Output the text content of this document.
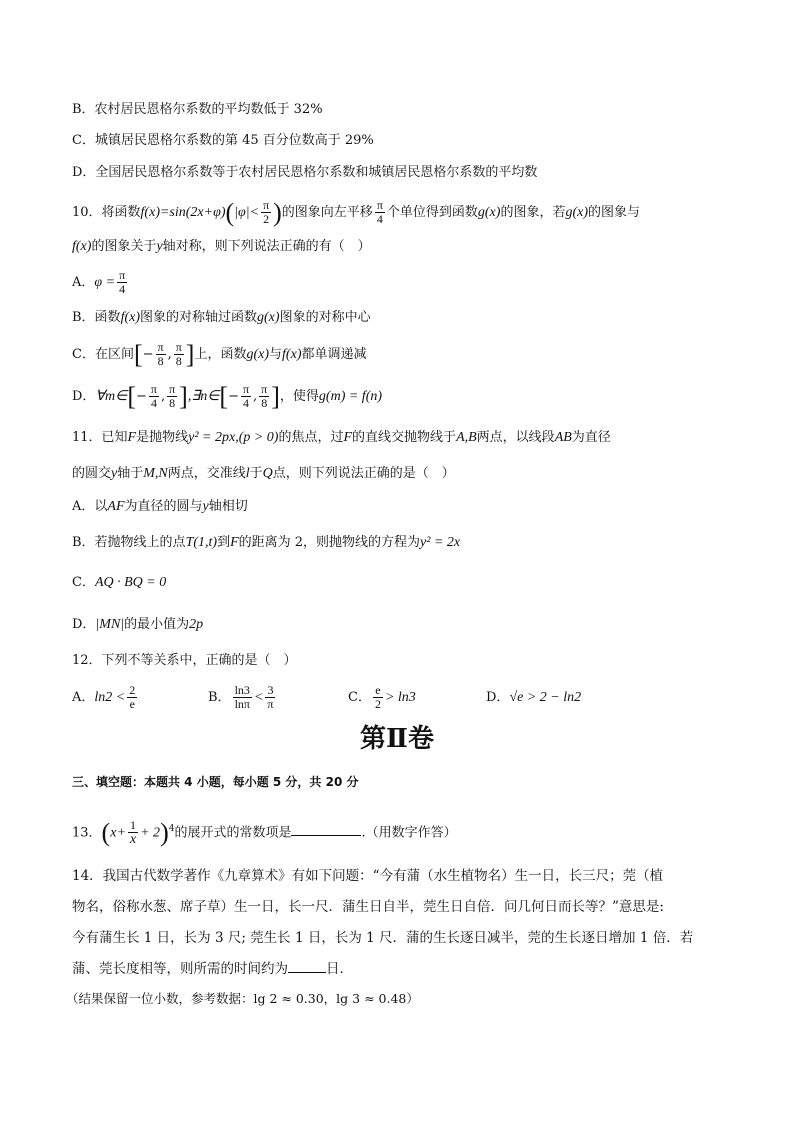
B．农村居民恩格尔系数的平均数低于 32%
C．城镇居民恩格尔系数的第 45 百分位数高于 29%
D．全国居民恩格尔系数等于农村居民恩格尔系数和城镇居民恩格尔系数的平均数
10．将函数$f(x)=\sin(2x+\varphi)(|\varphi|< \frac{\pi}{2}$ )的图象向左平移 $\frac{\pi}{4}$ 个单位得到函数g(x)的图象，若g(x)的图象与
f(x)的图象关于y轴对称，则下列说法正确的有（　）
A．$\varphi = \frac{\pi}{4}$
B．函数f(x)图象的对称轴过函数g(x)图象的对称中心
C．在区间[− $\frac{\pi}{8}$ , $\frac{\pi}{8}$ ]上，函数g(x)与f(x)都单调递减
D．∀m∈[− $\frac{\pi}{4}$ , $\frac{\pi}{8}$ ],∃n∈[− $\frac{\pi}{4}$ , $\frac{\pi}{8}$ ]，使得g(m) = f(n)
11．已知F是抛物线y² = 2px,(p > 0)的焦点，过F的直线交抛物线于A,B两点，以线段AB为直径
的圆交y轴于M,N两点，交准线l于Q点，则下列说法正确的是（　）
A．以AF为直径的圆与y轴相切
B．若抛物线上的点T(1,t)到F的距离为 2，则抛物线的方程为y² = 2x
C．AQ · BQ = 0
D．|MN|的最小值为2p
12．下列不等关系中，正确的是（　）
A．$\ln 2 < \frac{2}{e}$	B． $\frac{\ln 3}{\ln\pi} < \frac{3}{\pi}$	C． $\frac{e}{2} > \ln 3$	D．√e > 2 − ln2
第Ⅱ卷
三、填空题：本题共 4 小题，每小题 5 分，共 20 分
13．$(x+ \frac{1}{x} + 2)^4$的展开式的常数项是	.（用数字作答）
14．我国古代数学著作《九章算术》有如下问题：“今有蒲（水生植物名）生一日，长三尺；莞（植
物名，俗称水葱、席子草）生一日，长一尺．蒲生日自半，莞生日自倍．问几何日而长等？”意思是:
今有蒲生长 1 日，长为 3 尺; 莞生长 1 日，长为 1 尺．蒲的生长逐日减半，莞的生长逐日增加 1 倍．若
蒲、莞长度相等，则所需的时间约为	日．
（结果保留一位小数，参考数据：lg 2 ≈ 0.30，lg 3 ≈ 0.48）
